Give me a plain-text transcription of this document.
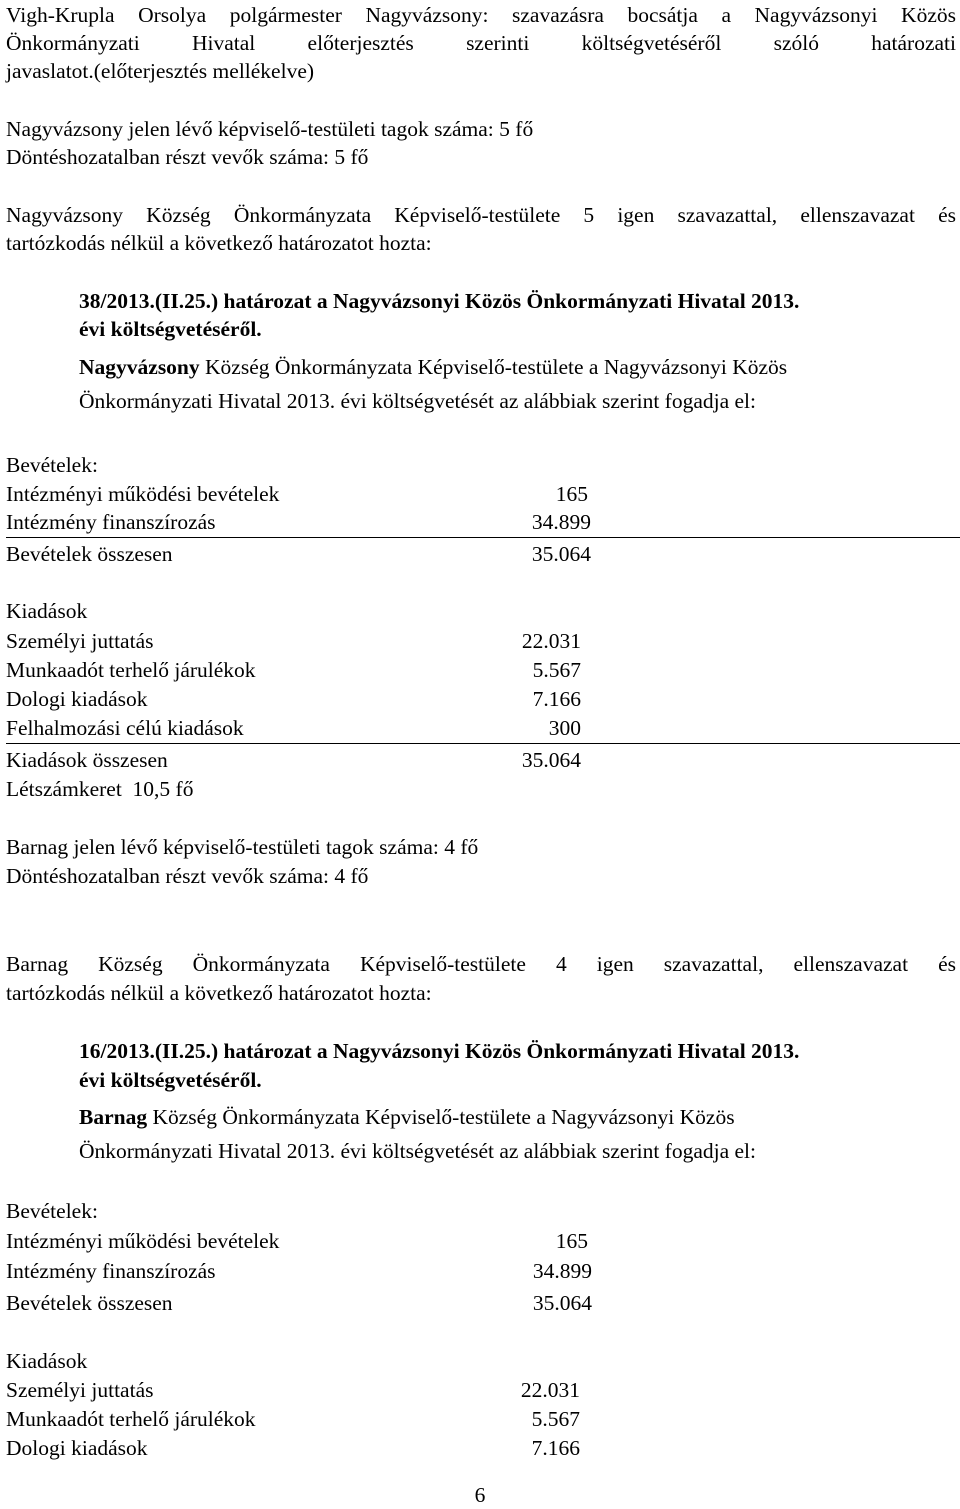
Vigh-Krupla Orsolya polgármester Nagyvázsony: szavazásra bocsátja a Nagyvázsonyi Közös
Önkormányzati Hivatal előterjesztés szerinti költségvetéséről szóló határozati
javaslatot.(előterjesztés mellékelve)
Nagyvázsony jelen lévő képviselő-testületi tagok száma: 5 fő
Döntéshozatalban részt vevők száma: 5 fő
Nagyvázsony Község Önkormányzata Képviselő-testülete 5 igen szavazattal, ellenszavazat és
tartózkodás nélkül a következő határozatot hozta:
38/2013.(II.25.) határozat a Nagyvázsonyi Közös Önkormányzati Hivatal 2013.
évi költségvetéséről.
Nagyvázsony Község Önkormányzata Képviselő-testülete a Nagyvázsonyi Közös
Önkormányzati Hivatal 2013. évi költségvetését az alábbiak szerint fogadja el:
Bevételek:
Intézményi működési bevételek	165
Intézmény finanszírozás	34.899
Bevételek összesen	35.064
Kiadások
Személyi juttatás	22.031
Munkaadót terhelő járulékok	5.567
Dologi kiadások	7.166
Felhalmozási célú kiadások	300
Kiadások összesen	35.064
Létszámkeret  10,5 fő
Barnag jelen lévő képviselő-testületi tagok száma: 4 fő
Döntéshozatalban részt vevők száma: 4 fő
Barnag Község Önkormányzata Képviselő-testülete 4 igen szavazattal, ellenszavazat és
tartózkodás nélkül a következő határozatot hozta:
16/2013.(II.25.) határozat a Nagyvázsonyi Közös Önkormányzati Hivatal 2013.
évi költségvetéséről.
Barnag Község Önkormányzata Képviselő-testülete a Nagyvázsonyi Közös
Önkormányzati Hivatal 2013. évi költségvetését az alábbiak szerint fogadja el:
Bevételek:
Intézményi működési bevételek	165
Intézmény finanszírozás	34.899
Bevételek összesen	35.064
Kiadások
Személyi juttatás	22.031
Munkaadót terhelő járulékok	5.567
Dologi kiadások	7.166
6
